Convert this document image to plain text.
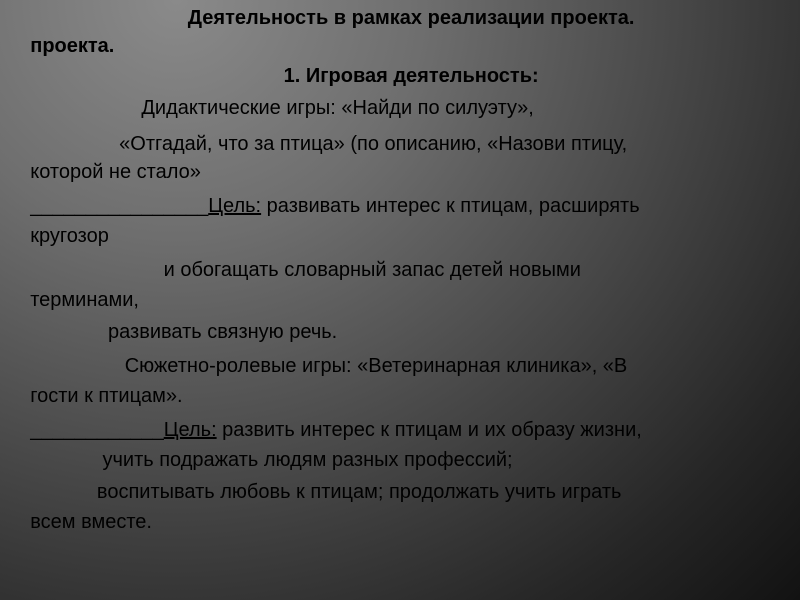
Деятельность в рамках реализации проекта.

проекта.

1. Игровая деятельность:

Дидактические игры: «Найди по силуэту»,

«Отгадай, что за птица» (по описанию, «Назови птицу,

которой не стало»

________________Цель: развивать интерес к птицам, расширять

кругозор

и обогащать словарный запас детей новыми

терминами,

развивать связную речь.

Сюжетно-ролевые игры: «Ветеринарная клиника», «В

гости к птицам».

____________Цель: развить интерес к птицам и их образу жизни,

учить подражать людям разных профессий;

воспитывать любовь к птицам; продолжать учить играть

всем вместе.
